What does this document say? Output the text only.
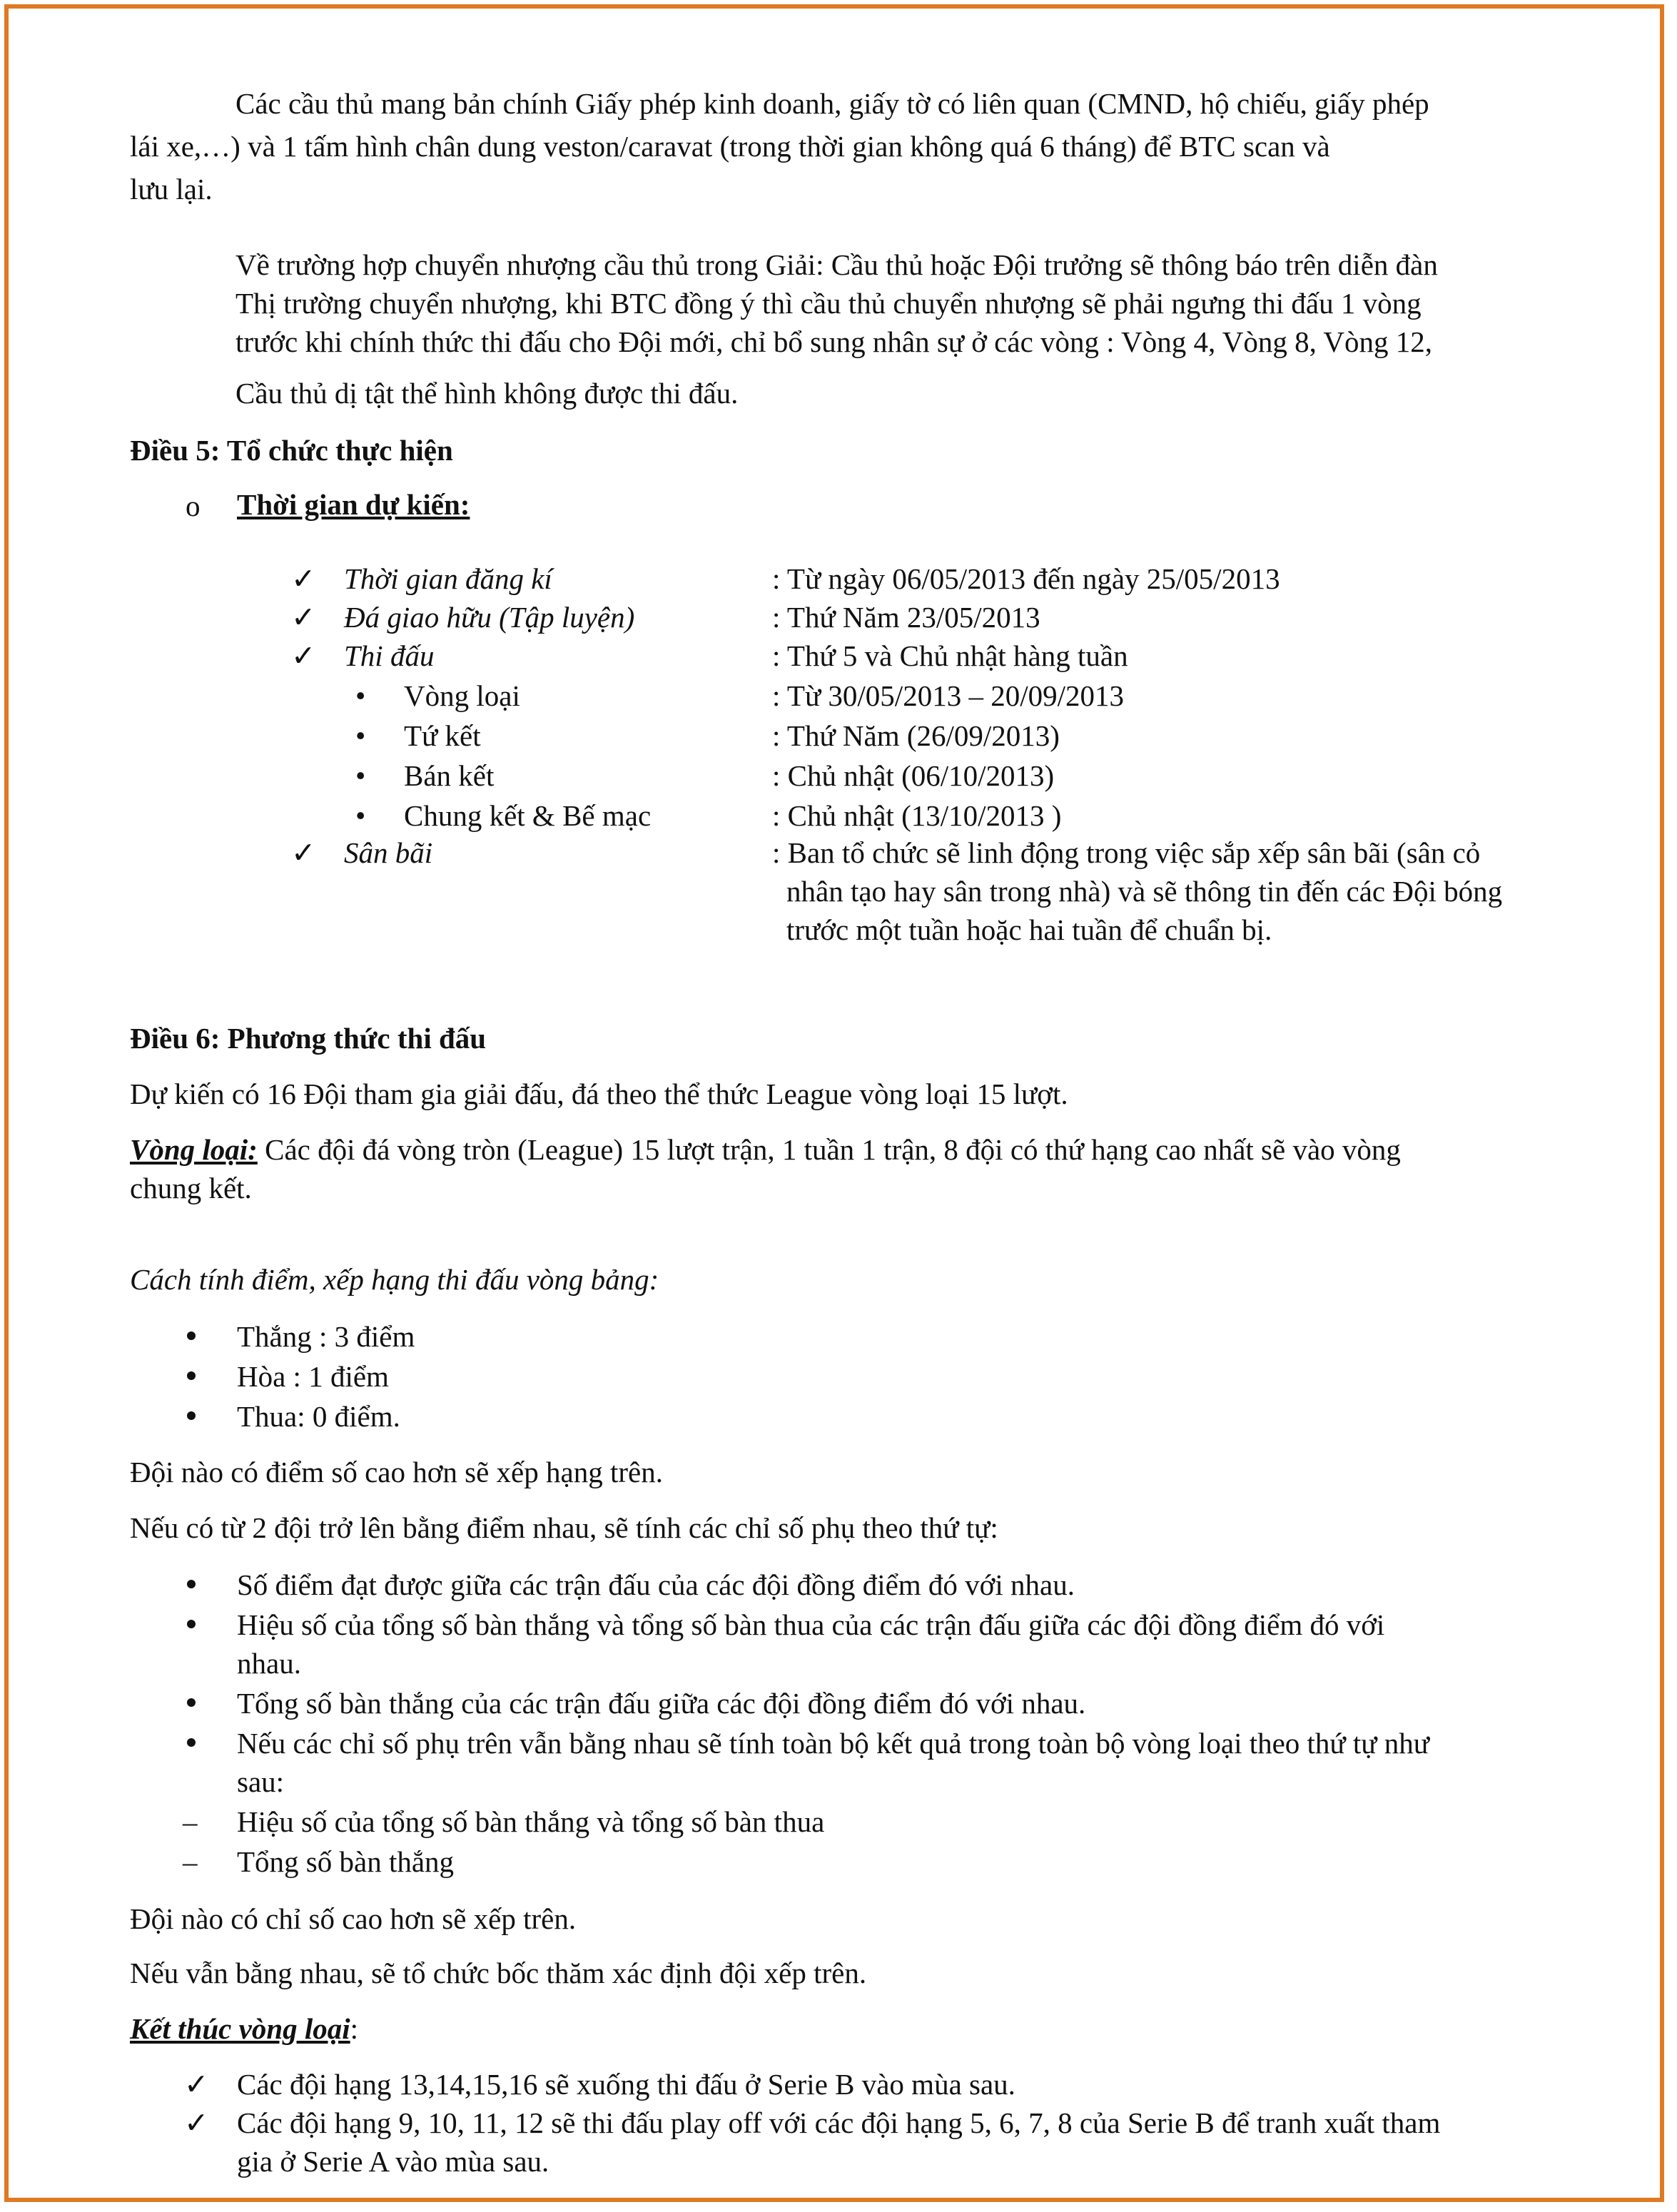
Các cầu thủ mang bản chính Giấy phép kinh doanh, giấy tờ có liên quan (CMND, hộ chiếu, giấy phép
lái xe,…) và 1 tấm hình chân dung veston/caravat (trong thời gian không quá 6 tháng) để BTC scan và
lưu lại.
Về trường hợp chuyển nhượng cầu thủ trong Giải: Cầu thủ hoặc Đội trưởng sẽ thông báo trên diễn đàn
Thị trường chuyển nhượng, khi BTC đồng ý thì cầu thủ chuyển nhượng sẽ phải ngưng thi đấu 1 vòng
trước khi chính thức thi đấu cho Đội mới, chỉ bổ sung nhân sự ở các vòng : Vòng 4, Vòng 8, Vòng 12,
Cầu thủ dị tật thể hình không được thi đấu.
Điều 5: Tổ chức thực hiện
o Thời gian dự kiến:
✓ Thời gian đăng kí	: Từ ngày 06/05/2013 đến ngày 25/05/2013
✓ Đá giao hữu (Tập luyện)	: Thứ Năm 23/05/2013
✓ Thi đấu	: Thứ 5 và Chủ nhật hàng tuần
• Vòng loại	: Từ 30/05/2013 – 20/09/2013
• Tứ kết	: Thứ Năm (26/09/2013)
• Bán kết	: Chủ nhật (06/10/2013)
• Chung kết & Bế mạc	: Chủ nhật (13/10/2013 )
✓ Sân bãi	: Ban tổ chức sẽ linh động trong việc sắp xếp sân bãi (sân cỏ
nhân tạo hay sân trong nhà) và sẽ thông tin đến các Đội bóng
trước một tuần hoặc hai tuần để chuẩn bị.
Điều 6: Phương thức thi đấu
Dự kiến có 16 Đội tham gia giải đấu, đá theo thể thức League vòng loại 15 lượt.
Vòng loại: Các đội đá vòng tròn (League) 15 lượt trận, 1 tuần 1 trận, 8 đội có thứ hạng cao nhất sẽ vào vòng
chung kết.
Cách tính điểm, xếp hạng thi đấu vòng bảng:
Thắng : 3 điểm
Hòa : 1 điểm
Thua: 0 điểm.
Đội nào có điểm số cao hơn sẽ xếp hạng trên.
Nếu có từ 2 đội trở lên bằng điểm nhau, sẽ tính các chỉ số phụ theo thứ tự:
Số điểm đạt được giữa các trận đấu của các đội đồng điểm đó với nhau.
Hiệu số của tổng số bàn thắng và tổng số bàn thua của các trận đấu giữa các đội đồng điểm đó với
nhau.
Tổng số bàn thắng của các trận đấu giữa các đội đồng điểm đó với nhau.
Nếu các chỉ số phụ trên vẫn bằng nhau sẽ tính toàn bộ kết quả trong toàn bộ vòng loại theo thứ tự như
sau:
– Hiệu số của tổng số bàn thắng và tổng số bàn thua
– Tổng số bàn thắng
Đội nào có chỉ số cao hơn sẽ xếp trên.
Nếu vẫn bằng nhau, sẽ tổ chức bốc thăm xác định đội xếp trên.
Kết thúc vòng loại:
✓ Các đội hạng 13,14,15,16 sẽ xuống thi đấu ở Serie B vào mùa sau.
✓ Các đội hạng 9, 10, 11, 12 sẽ thi đấu play off với các đội hạng 5, 6, 7, 8 của Serie B để tranh xuất tham
gia ở Serie A vào mùa sau.
